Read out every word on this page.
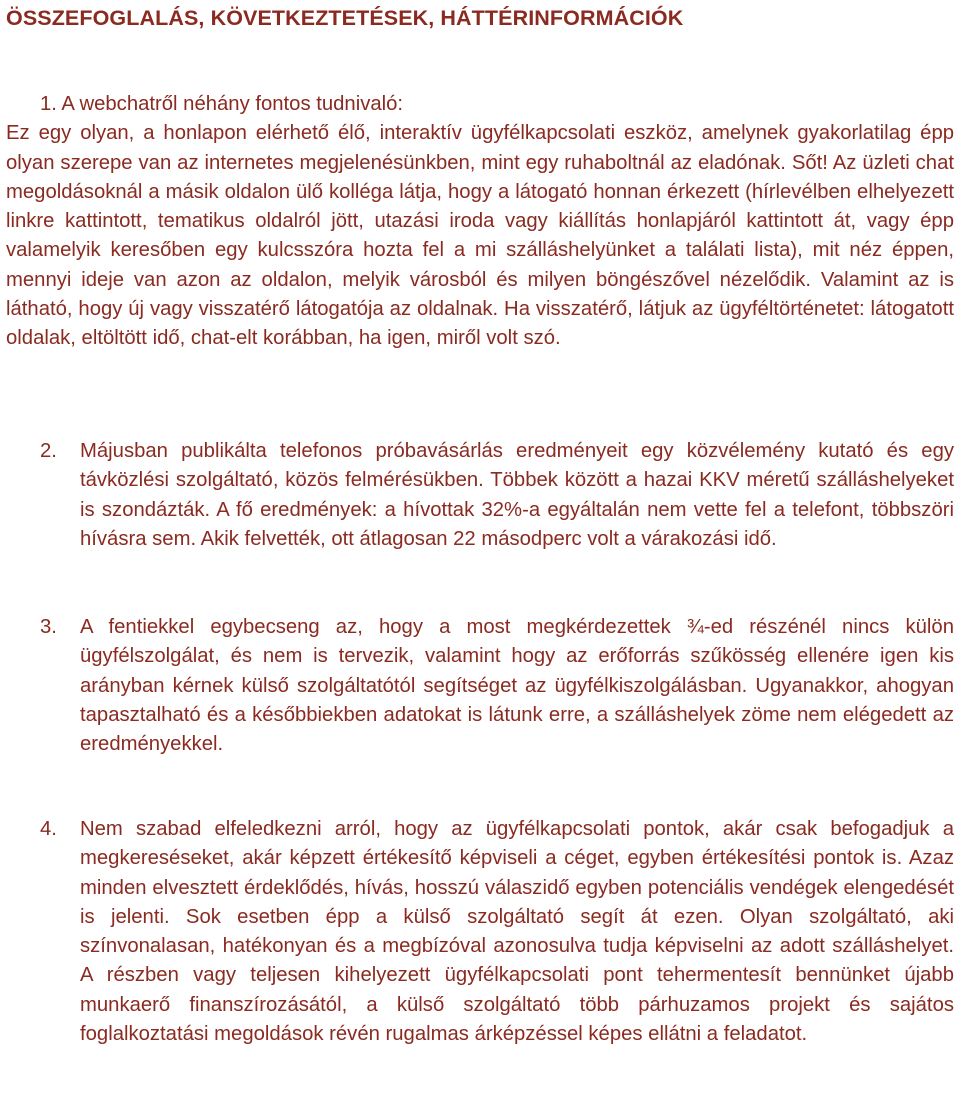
ÖSSZEFOGLALÁS, KÖVETKEZTETÉSEK, HÁTTÉRINFORMÁCIÓK

1. A webchatről néhány fontos tudnivaló:
Ez egy olyan, a honlapon elérhető élő, interaktív ügyfélkapcsolati eszköz, amelynek gyakorlatilag épp olyan szerepe van az internetes megjelenésünkben, mint egy ruhaboltnál az eladónak. Sőt! Az üzleti chat megoldásoknál a másik oldalon ülő kolléga látja, hogy a látogató honnan érkezett (hírlevélben elhelyezett linkre kattintott, tematikus oldalról jött, utazási iroda vagy kiállítás honlapjáról kattintott át, vagy épp valamelyik keresőben egy kulcsszóra hozta fel a mi szálláshelyünket a találati lista), mit néz éppen, mennyi ideje van azon az oldalon, melyik városból és milyen böngészővel nézelődik. Valamint az is látható, hogy új vagy visszatérő látogatója az oldalnak. Ha visszatérő, látjuk az ügyféltörténetet: látogatott oldalak, eltöltött idő, chat-elt korábban, ha igen, miről volt szó.

2. Májusban publikálta telefonos próbavásárlás eredményeit egy közvélemény kutató és egy távközlési szolgáltató, közös felmérésükben. Többek között a hazai KKV méretű szálláshelyeket is szondázták. A fő eredmények: a hívottak 32%-a egyáltalán nem vette fel a telefont, többszöri hívásra sem. Akik felvették, ott átlagosan 22 másodperc volt a várakozási idő.

3. A fentiekkel egybecseng az, hogy a most megkérdezettek ¾-ed részénél nincs külön ügyfélszolgálat, és nem is tervezik, valamint hogy az erőforrás szűkösség ellenére igen kis arányban kérnek külső szolgáltatótól segítséget az ügyfélkiszolgálásban. Ugyanakkor, ahogyan tapasztalható és a későbbiekben adatokat is látunk erre, a szálláshelyek zöme nem elégedett az eredményekkel.

4. Nem szabad elfeledkezni arról, hogy az ügyfélkapcsolati pontok, akár csak befogadjuk a megkereséseket, akár képzett értékesítő képviseli a céget, egyben értékesítési pontok is. Azaz minden elvesztett érdeklődés, hívás, hosszú válaszidő egyben potenciális vendégek elengedését is jelenti. Sok esetben épp a külső szolgáltató segít át ezen. Olyan szolgáltató, aki színvonalasan, hatékonyan és a megbízóval azonosulva tudja képviselni az adott szálláshelyet. A részben vagy teljesen kihelyezett ügyfélkapcsolati pont tehermentesít bennünket újabb munkaerő finanszírozásától, a külső szolgáltató több párhuzamos projekt és sajátos foglalkoztatási megoldások révén rugalmas árképzéssel képes ellátni a feladatot.
